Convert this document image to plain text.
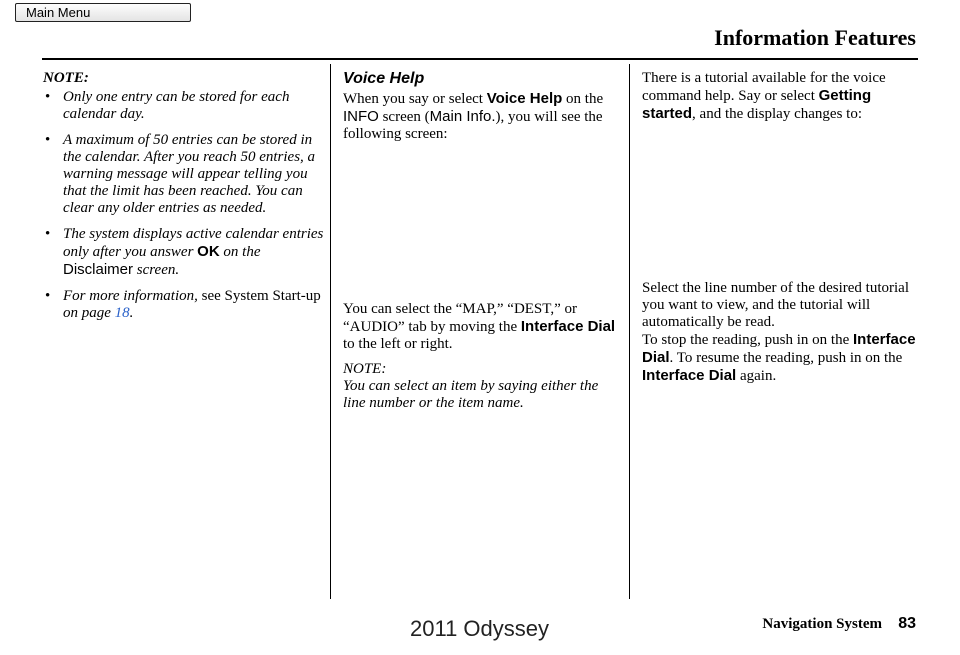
Main Menu
Information Features

NOTE:

• Only one entry can be stored for each calendar day.
• A maximum of 50 entries can be stored in the calendar. After you reach 50 entries, a warning message will appear telling you that the limit has been reached. You can clear any older entries as needed.
• The system displays active calendar entries only after you answer OK on the Disclaimer screen.
• For more information, see System Start-up on page 18.
Voice Help

When you say or select Voice Help on the INFO screen (Main Info.), you will see the following screen:

You can select the “MAP,” “DEST,” or “AUDIO” tab by moving the Interface Dial to the left or right.

NOTE:

You can select an item by saying either the line number or the item name.

There is a tutorial available for the voice command help. Say or select Getting started, and the display changes to:

Select the line number of the desired tutorial you want to view, and the tutorial will automatically be read.
To stop the reading, push in on the Interface Dial. To resume the reading, push in on the Interface Dial again.

Navigation System 83
2011 Odyssey
